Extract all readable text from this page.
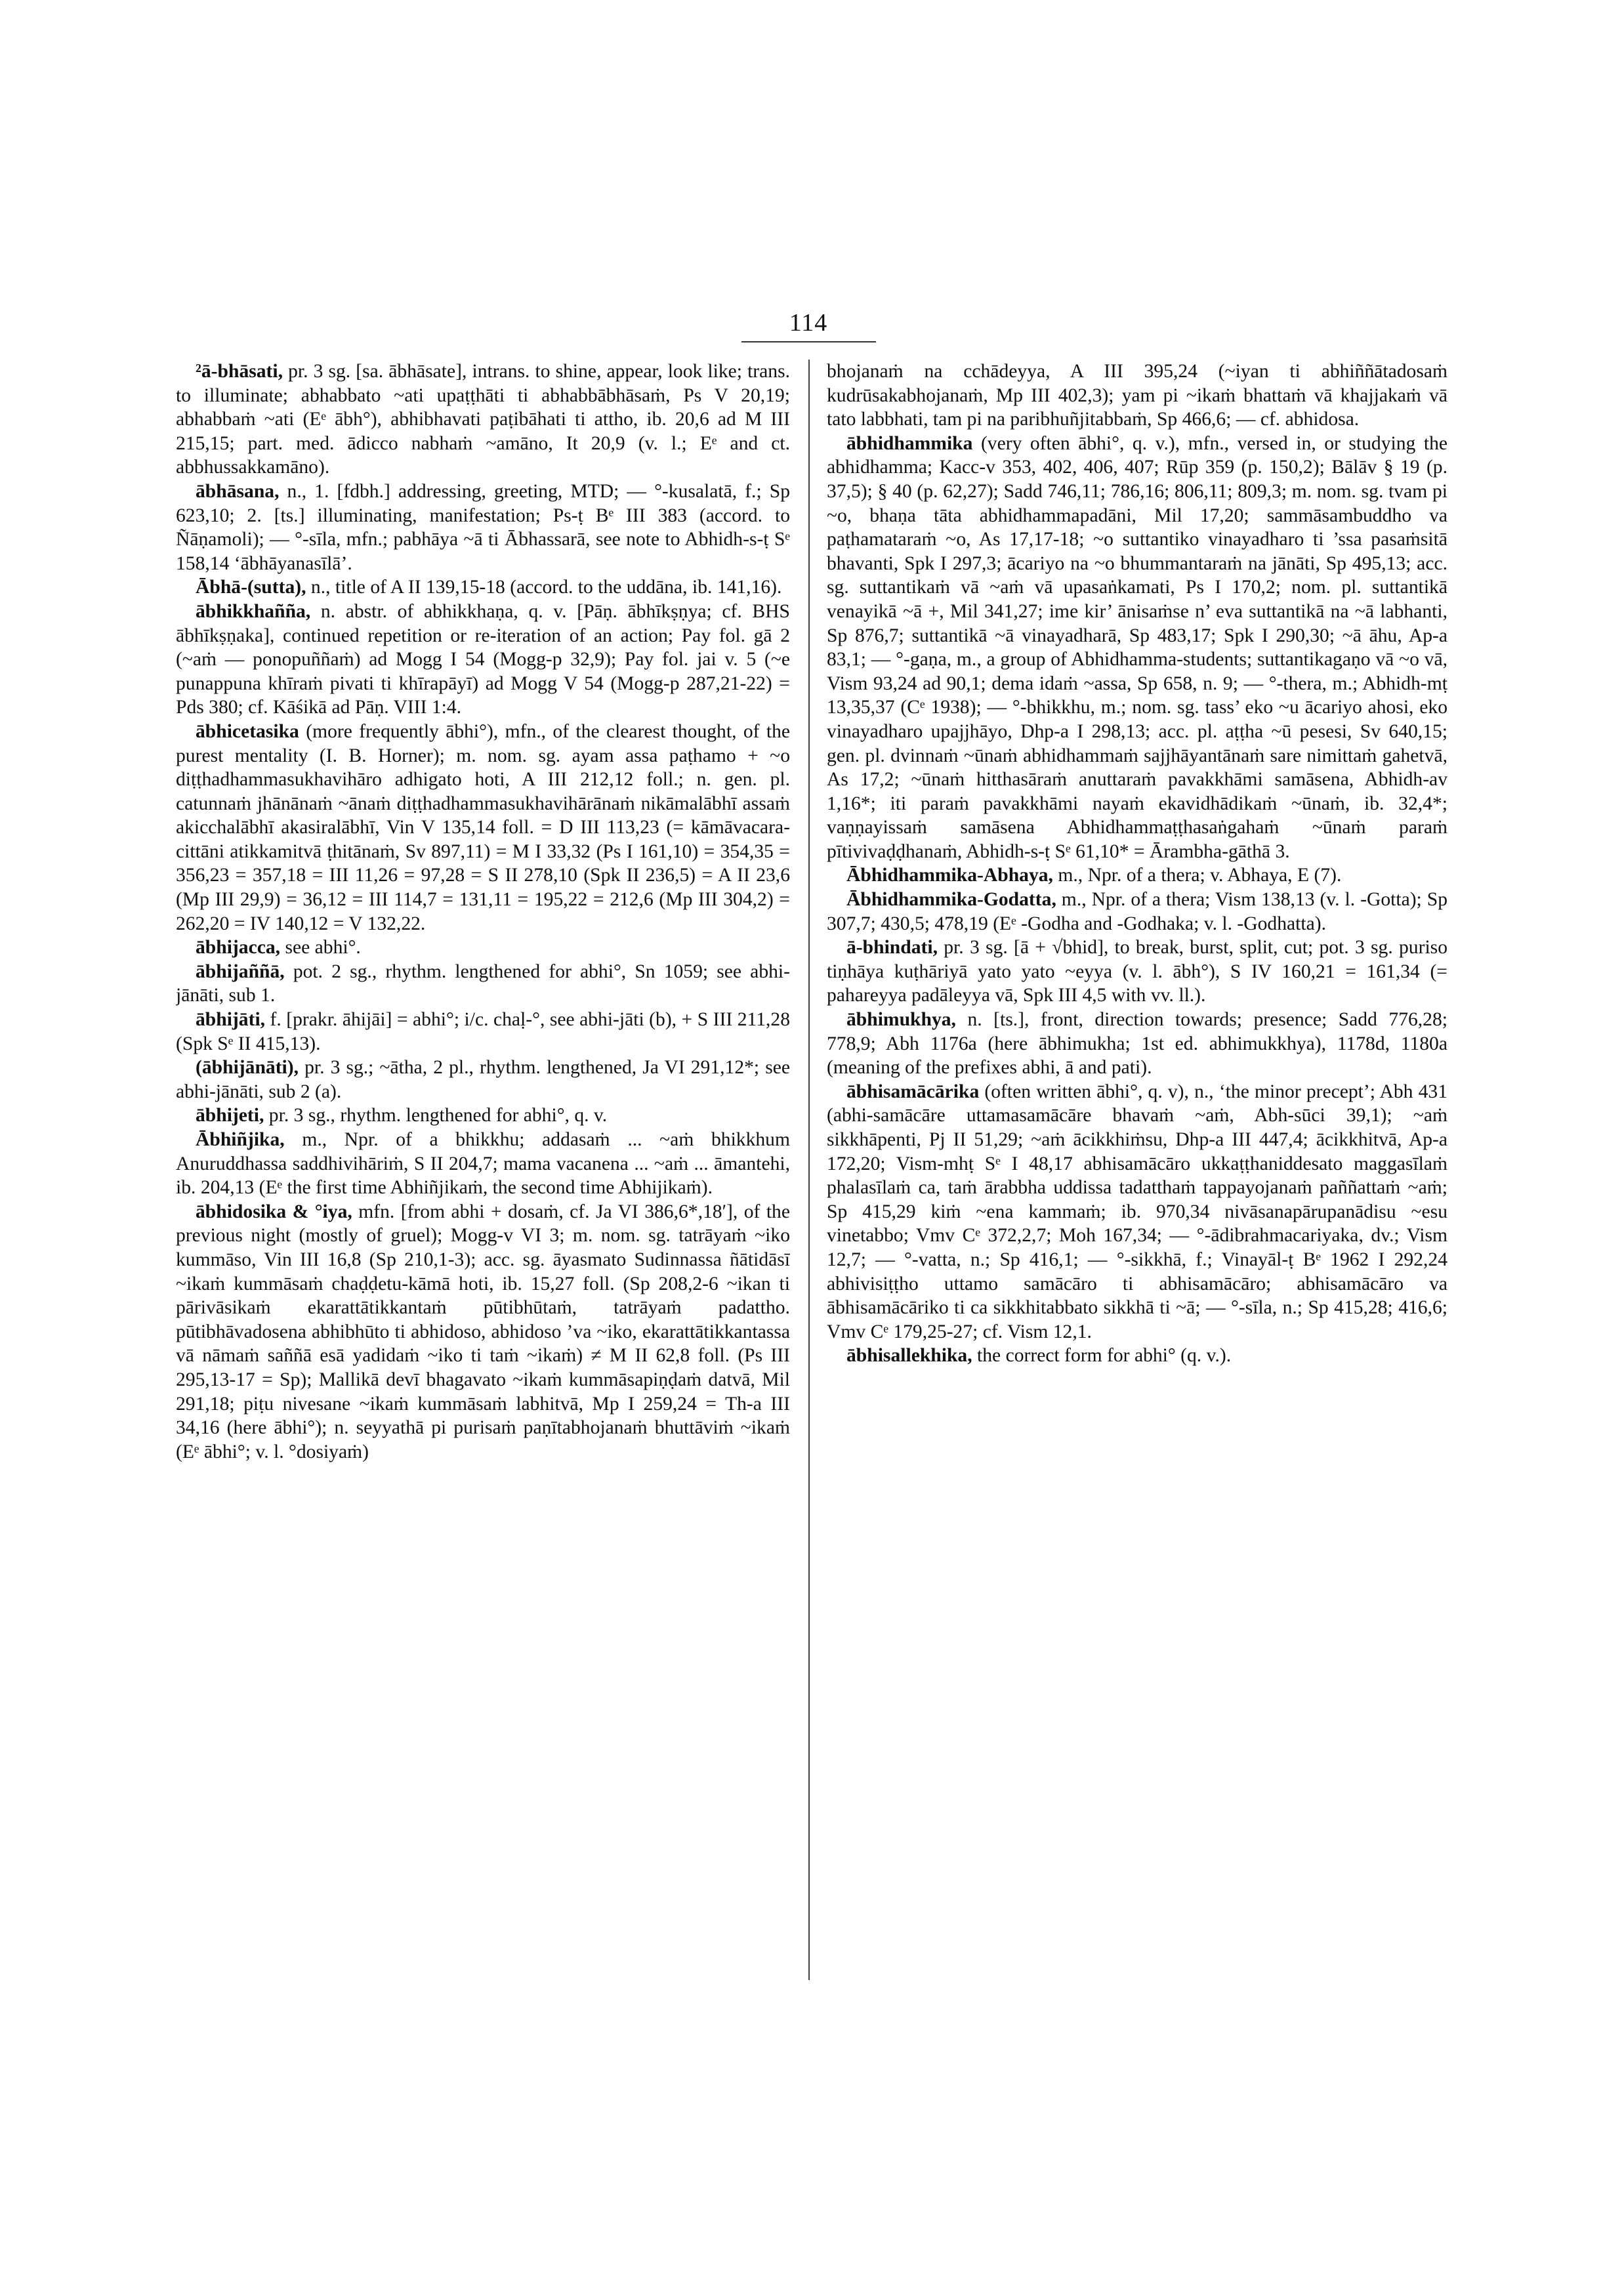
114

²ā-bhāsati, pr. 3 sg. [sa. ābhāsate], intrans. to shine, appear, look like; trans. to illuminate; abhabbato ~ati upaṭṭhāti ti abhabbābhāsaṁ, Ps V 20,19; abhabbaṁ ~ati (Eᵉ ābh°), abhibhavati paṭibāhati ti attho, ib. 20,6 ad M III 215,15; part. med. ādicco nabhaṁ ~amāno, It 20,9 (v. l.; Eᵉ and ct. abbhussakkamāno).

ābhāsana, n., 1. [fdbh.] addressing, greeting, MTD; — °-kusalatā, f.; Sp 623,10; 2. [ts.] illuminating, manifestation; Ps-ṭ Bᵉ III 383 (accord. to Ñāṇamoli); — °-sīla, mfn.; pabhāya ~ā ti Ābhassarā, see note to Abhidh-s-ṭ Sᵉ 158,14 ‘ābhāyanasīlā’.

Ābhā-(sutta), n., title of A II 139,15-18 (accord. to the uddāna, ib. 141,16).

ābhikkhañña, n. abstr. of abhikkhaṇa, q. v. [Pāṇ. ābhīkṣṇya; cf. BHS ābhīkṣṇaka], continued repetition or re-iteration of an action; Pay fol. gā 2 (~aṁ — ponopuññaṁ) ad Mogg I 54 (Mogg-p 32,9); Pay fol. jai v. 5 (~e punappuna khīraṁ pivati ti khīrapāyī) ad Mogg V 54 (Mogg-p 287,21-22) = Pds 380; cf. Kāśikā ad Pāṇ. VIII 1:4.

ābhicetasika (more frequently ābhi°), mfn., of the clearest thought, of the purest mentality (I. B. Horner); m. nom. sg. ayam assa paṭhamo + ~o diṭṭhadhammasukhavihāro adhigato hoti, A III 212,12 foll.; n. gen. pl. catunnaṁ jhānānaṁ ~ānaṁ diṭṭhadhammasukhavihārānaṁ nikāmalābhī assaṁ akicchalābhī akasiralābhī, Vin V 135,14 foll. = D III 113,23 (= kāmāvacara-cittāni atikkamitvā ṭhitānaṁ, Sv 897,11) = M I 33,32 (Ps I 161,10) = 354,35 = 356,23 = 357,18 = III 11,26 = 97,28 = S II 278,10 (Spk II 236,5) = A II 23,6 (Mp III 29,9) = 36,12 = III 114,7 = 131,11 = 195,22 = 212,6 (Mp III 304,2) = 262,20 = IV 140,12 = V 132,22.

ābhijacca, see abhi°.

ābhijaññā, pot. 2 sg., rhythm. lengthened for abhi°, Sn 1059; see abhi-jānāti, sub 1.

ābhijāti, f. [prakr. āhijāi] = abhi°; i/c. chaḷ-°, see abhi-jāti (b), + S III 211,28 (Spk Sᵉ II 415,13).

(ābhijānāti), pr. 3 sg.; ~ātha, 2 pl., rhythm. lengthened, Ja VI 291,12*; see abhi-jānāti, sub 2 (a).

ābhijeti, pr. 3 sg., rhythm. lengthened for abhi°, q. v.

Ābhiñjika, m., Npr. of a bhikkhu; addasaṁ ... ~aṁ bhikkhum Anuruddhassa saddhivihāriṁ, S II 204,7; mama vacanena ... ~aṁ ... āmantehi, ib. 204,13 (Eᵉ the first time Abhiñjikaṁ, the second time Abhijikaṁ).

ābhidosika & °iya, mfn. [from abhi + dosaṁ, cf. Ja VI 386,6*,18′], of the previous night (mostly of gruel); Mogg-v VI 3; m. nom. sg. tatrāyaṁ ~iko kummāso, Vin III 16,8 (Sp 210,1-3); acc. sg. āyasmato Sudinnassa ñātidāsī ~ikaṁ kummāsaṁ chaḍḍetu-kāmā hoti, ib. 15,27 foll. (Sp 208,2-6 ~ikan ti pārivāsikaṁ ekarattātikkantaṁ pūtibhūtaṁ, tatrāyaṁ padattho. pūtibhāvadosena abhibhūto ti abhidoso, abhidoso ’va ~iko, ekarattātikkantassa vā nāmaṁ saññā esā yadidaṁ ~iko ti taṁ ~ikaṁ) ≠ M II 62,8 foll. (Ps III 295,13-17 = Sp); Mallikā devī bhagavato ~ikaṁ kummāsapiṇḍaṁ datvā, Mil 291,18; piṭu nivesane ~ikaṁ kummāsaṁ labhitvā, Mp I 259,24 = Th-a III 34,16 (here ābhi°); n. seyyathā pi purisaṁ paṇītabhojanaṁ bhuttāviṁ ~ikaṁ (Eᵉ ābhi°; v. l. °dosiyaṁ)

bhojanaṁ na cchādeyya, A III 395,24 (~iyan ti abhiññātadosaṁ kudrūsakabhojanaṁ, Mp III 402,3); yam pi ~ikaṁ bhattaṁ vā khajjakaṁ vā tato labbhati, tam pi na paribhuñjitabbaṁ, Sp 466,6; — cf. abhidosa.

ābhidhammika (very often ābhi°, q. v.), mfn., versed in, or studying the abhidhamma; Kacc-v 353, 402, 406, 407; Rūp 359 (p. 150,2); Bālāv § 19 (p. 37,5); § 40 (p. 62,27); Sadd 746,11; 786,16; 806,11; 809,3; m. nom. sg. tvam pi ~o, bhaṇa tāta abhidhammapadāni, Mil 17,20; sammāsambuddho va paṭhamataraṁ ~o, As 17,17-18; ~o suttantiko vinayadharo ti ’ssa pasaṁsitā bhavanti, Spk I 297,3; ācariyo na ~o bhummantaraṁ na jānāti, Sp 495,13; acc. sg. suttantikaṁ vā ~aṁ vā upasaṅkamati, Ps I 170,2; nom. pl. suttantikā venayikā ~ā +, Mil 341,27; ime kir’ ānisaṁse n’ eva suttantikā na ~ā labhanti, Sp 876,7; suttantikā ~ā vinayadharā, Sp 483,17; Spk I 290,30; ~ā āhu, Ap-a 83,1; — °-gaṇa, m., a group of Abhidhamma-students; suttantikagaṇo vā ~o vā, Vism 93,24 ad 90,1; dema idaṁ ~assa, Sp 658, n. 9; — °-thera, m.; Abhidh-mṭ 13,35,37 (Cᵉ 1938); — °-bhikkhu, m.; nom. sg. tass’ eko ~u ācariyo ahosi, eko vinayadharo upajjhāyo, Dhp-a I 298,13; acc. pl. aṭṭha ~ū pesesi, Sv 640,15; gen. pl. dvinnaṁ ~ūnaṁ abhidhammaṁ sajjhāyantānaṁ sare nimittaṁ gahetvā, As 17,2; ~ūnaṁ hitthasāraṁ anuttaraṁ pavakkhāmi samāsena, Abhidh-av 1,16*; iti paraṁ pavakkhāmi nayaṁ ekavidhādikaṁ ~ūnaṁ, ib. 32,4*; vaṇṇayissaṁ samāsena Abhidhammaṭṭhasaṅgahaṁ ~ūnaṁ paraṁ pītivivaḍḍhanaṁ, Abhidh-s-ṭ Sᵉ 61,10* = Ārambha-gāthā 3.

Ābhidhammika-Abhaya, m., Npr. of a thera; v. Abhaya, E (7).

Ābhidhammika-Godatta, m., Npr. of a thera; Vism 138,13 (v. l. -Gotta); Sp 307,7; 430,5; 478,19 (Eᵉ -Godha and -Godhaka; v. l. -Godhatta).

ā-bhindati, pr. 3 sg. [ā + √bhid], to break, burst, split, cut; pot. 3 sg. puriso tiṇhāya kuṭhāriyā yato yato ~eyya (v. l. ābh°), S IV 160,21 = 161,34 (= pahareyya padāleyya vā, Spk III 4,5 with vv. ll.).

ābhimukhya, n. [ts.], front, direction towards; presence; Sadd 776,28; 778,9; Abh 1176a (here ābhimukha; 1st ed. abhimukkhya), 1178d, 1180a (meaning of the prefixes abhi, ā and pati).

ābhisamācārika (often written ābhi°, q. v), n., ‘the minor precept’; Abh 431 (abhi-samācāre uttamasamācāre bhavaṁ ~aṁ, Abh-sūci 39,1); ~aṁ sikkhāpenti, Pj II 51,29; ~aṁ ācikkhiṁsu, Dhp-a III 447,4; ācikkhitvā, Ap-a 172,20; Vism-mhṭ Sᵉ I 48,17 abhisamācāro ukkaṭṭhaniddesato maggasīlaṁ phalasīlaṁ ca, taṁ ārabbha uddissa tadatthaṁ tappayojanaṁ paññattaṁ ~aṁ; Sp 415,29 kiṁ ~ena kammaṁ; ib. 970,34 nivāsanapārupanādisu ~esu vinetabbo; Vmv Cᵉ 372,2,7; Moh 167,34; — °-ādibrahmacariyaka, dv.; Vism 12,7; — °-vatta, n.; Sp 416,1; — °-sikkhā, f.; Vinayāl-ṭ Bᵉ 1962 I 292,24 abhivisiṭṭho uttamo samācāro ti abhisamācāro; abhisamācāro va ābhisamācāriko ti ca sikkhitabbato sikkhā ti ~ā; — °-sīla, n.; Sp 415,28; 416,6; Vmv Cᵉ 179,25-27; cf. Vism 12,1.

ābhisallekhika, the correct form for abhi° (q. v.).
